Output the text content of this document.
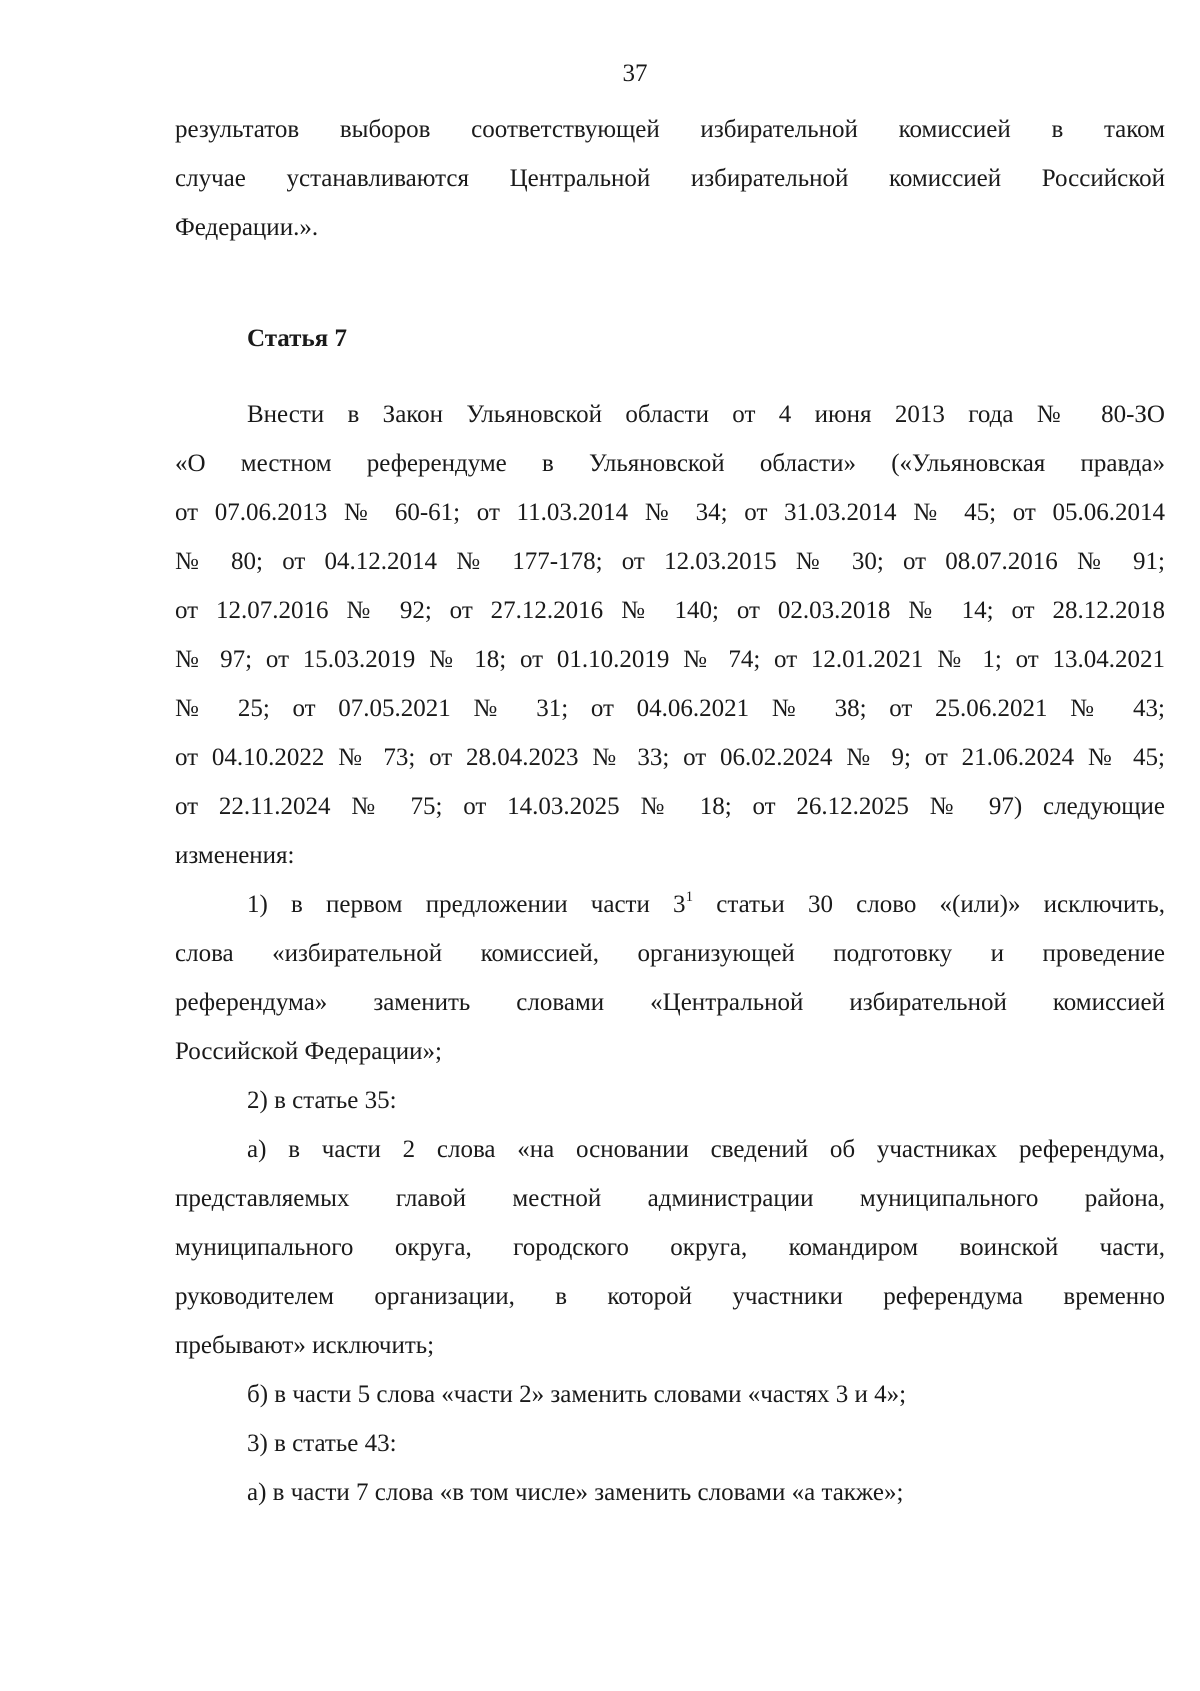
37
результатов выборов соответствующей избирательной комиссией в таком
случае устанавливаются Центральной избирательной комиссией Российской
Федерации.».
Статья 7
Внести в Закон Ульяновской области от 4 июня 2013 года № 80-ЗО
«О местном референдуме в Ульяновской области» («Ульяновская правда»
от 07.06.2013 № 60-61; от 11.03.2014 № 34; от 31.03.2014 № 45; от 05.06.2014
№ 80; от 04.12.2014 № 177-178; от 12.03.2015 № 30; от 08.07.2016 № 91;
от 12.07.2016 № 92; от 27.12.2016 № 140; от 02.03.2018 № 14; от 28.12.2018
№ 97; от 15.03.2019 № 18; от 01.10.2019 № 74; от 12.01.2021 № 1; от 13.04.2021
№ 25; от 07.05.2021 № 31; от 04.06.2021 № 38; от 25.06.2021 № 43;
от 04.10.2022 № 73; от 28.04.2023 № 33; от 06.02.2024 № 9; от 21.06.2024 № 45;
от 22.11.2024 № 75; от 14.03.2025 № 18; от 26.12.2025 № 97) следующие
изменения:
1) в первом предложении части $3^1$ статьи 30 слово «(или)» исключить,
слова «избирательной комиссией, организующей подготовку и проведение
референдума» заменить словами «Центральной избирательной комиссией
Российской Федерации»;
2) в статье 35:
а) в части 2 слова «на основании сведений об участниках референдума,
представляемых главой местной администрации муниципального района,
муниципального округа, городского округа, командиром воинской части,
руководителем организации, в которой участники референдума временно
пребывают» исключить;
б) в части 5 слова «части 2» заменить словами «частях 3 и 4»;
3) в статье 43:
а) в части 7 слова «в том числе» заменить словами «а также»;
